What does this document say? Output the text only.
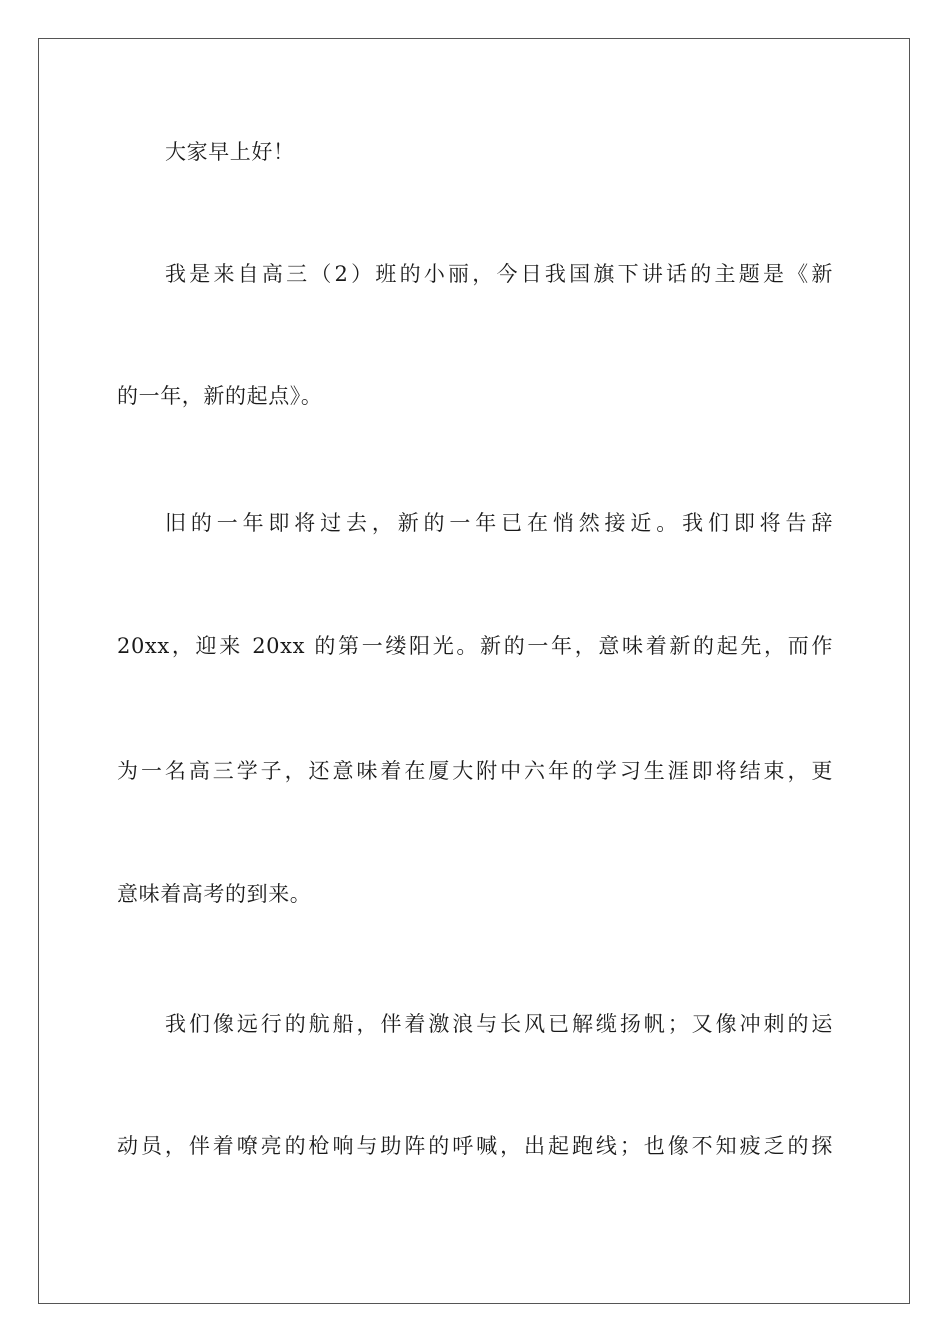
大家早上好！
我是来自高三（2）班的小丽，今日我国旗下讲话的主题是《新
的一年，新的起点》。
旧的一年即将过去，新的一年已在悄然接近。我们即将告辞
20xx，迎来 20xx 的第一缕阳光。新的一年，意味着新的起先，而作
为一名高三学子，还意味着在厦大附中六年的学习生涯即将结束，更
意味着高考的到来。
我们像远行的航船，伴着激浪与长风已解缆扬帆；又像冲刺的运
动员，伴着嘹亮的枪响与助阵的呼喊，出起跑线；也像不知疲乏的探
